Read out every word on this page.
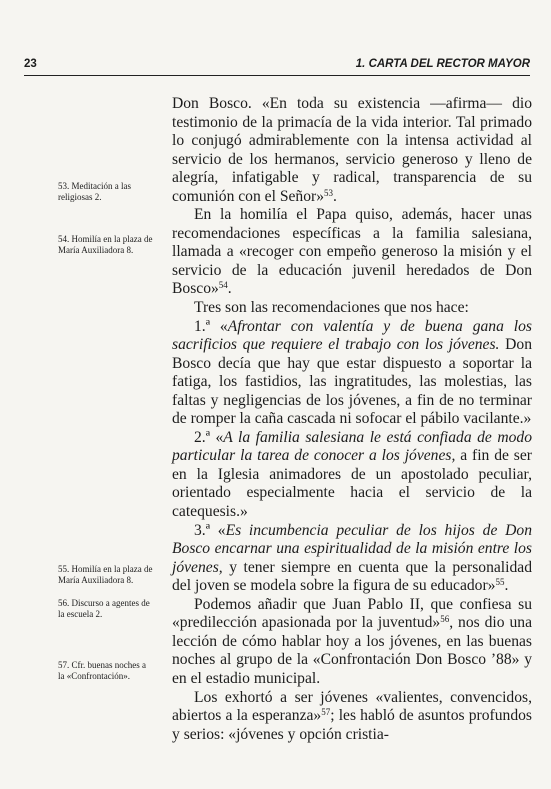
23	1. CARTA DEL RECTOR MAYOR
53. Meditación a las religiosas 2.
54. Homilía en la plaza de María Auxiliadora 8.
55. Homilía en la plaza de María Auxiliadora 8.
56. Discurso a agentes de la escuela 2.
57. Cfr. buenas noches a la «Confrontación».

Don Bosco. «En toda su existencia —afirma— dio testimonio de la primacía de la vida interior. Tal primado lo conjugó admirablemente con la intensa actividad al servicio de los hermanos, servicio generoso y lleno de alegría, infatigable y radical, transparencia de su comunión con el Señor»$^{53}$.

En la homilía el Papa quiso, además, hacer unas recomendaciones específicas a la familia salesiana, llamada a «recoger con empeño generoso la misión y el servicio de la educación juvenil heredados de Don Bosco»$^{54}$.

Tres son las recomendaciones que nos hace:

1.ª «Afrontar con valentía y de buena gana los sacrificios que requiere el trabajo con los jóvenes. Don Bosco decía que hay que estar dispuesto a soportar la fatiga, los fastidios, las ingratitudes, las molestias, las faltas y negligencias de los jóvenes, a fin de no terminar de romper la caña cascada ni sofocar el pábilo vacilante.»

2.ª «A la familia salesiana le está confiada de modo particular la tarea de conocer a los jóvenes, a fin de ser en la Iglesia animadores de un apostolado peculiar, orientado especialmente hacia el servicio de la catequesis.»

3.ª «Es incumbencia peculiar de los hijos de Don Bosco encarnar una espiritualidad de la misión entre los jóvenes, y tener siempre en cuenta que la personalidad del joven se modela sobre la figura de su educador»$^{55}$.

Podemos añadir que Juan Pablo II, que confiesa su «predilección apasionada por la juventud»$^{56}$, nos dio una lección de cómo hablar hoy a los jóvenes, en las buenas noches al grupo de la «Confrontación Don Bosco ’88» y en el estadio municipal.

Los exhortó a ser jóvenes «valientes, convencidos, abiertos a la esperanza»$^{57}$; les habló de asuntos profundos y serios: «jóvenes y opción cristia-
